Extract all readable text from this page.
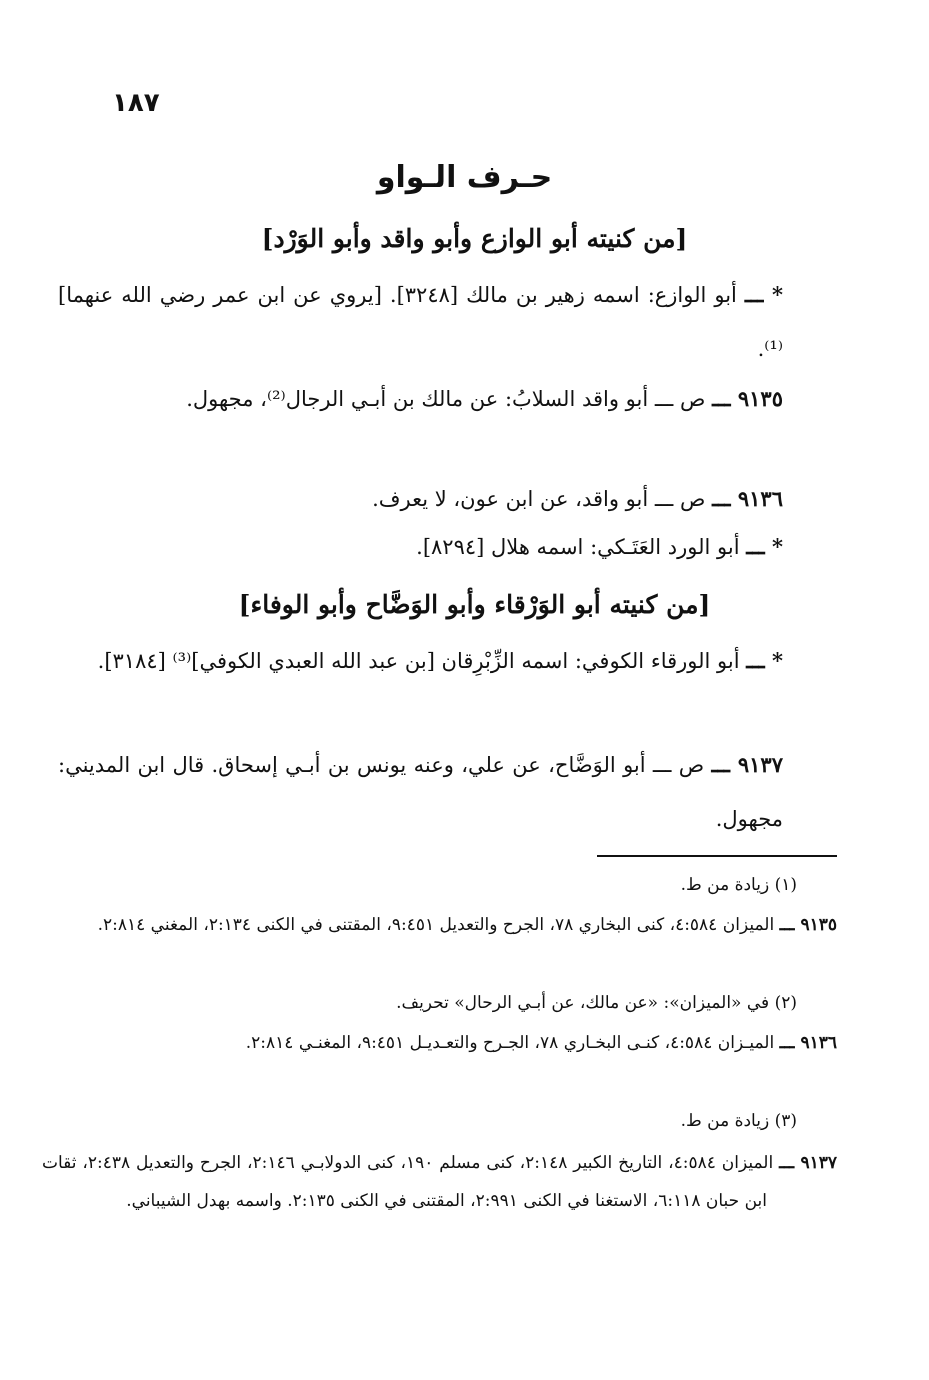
١٨٧
حـرف الـواو
[من كنيته أبو الوازع وأبو واقد وأبو الوَرْد]
* ـــ أبو الوازع: اسمه زهير بن مالك [٣٢٤٨]. [يروي عن ابن عمر رضي الله عنهما]⁽¹⁾.
٩١٣٥ ـــ ص ـــ أبو واقد السلابُ: عن مالك بن أبـي الرجال⁽²⁾، مجهول.
٩١٣٦ ـــ ص ـــ أبو واقد، عن ابن عون، لا يعرف.
* ـــ أبو الورد العَتَـكي: اسمه هلال [٨٢٩٤].
[من كنيته أبو الوَرْقاء وأبو الوَضَّاح وأبو الوفاء]
* ـــ أبو الورقاء الكوفي: اسمه الزِّبْرِقان [بن عبد الله العبدي الكوفي]⁽³⁾ [٣١٨٤].
٩١٣٧ ـــ ص ـــ أبو الوَضَّاح، عن علي، وعنه يونس بن أبـي إسحاق. قال ابن المديني: مجهول.
(١) زيادة من ط.
٩١٣٥ ـــ الميزان ٤:٥٨٤، كنى البخاري ٧٨، الجرح والتعديل ٩:٤٥١، المقتنى في الكنى ٢:١٣٤، المغني ٢:٨١٤.
(٢) في «الميزان»: «عن مالك، عن أبـي الرحال» تحريف.
٩١٣٦ ـــ الميـزان ٤:٥٨٤، كنـى البخـاري ٧٨، الجـرح والتعـديـل ٩:٤٥١، المغنـي ٢:٨١٤.
(٣) زيادة من ط.
٩١٣٧ ـــ الميزان ٤:٥٨٤، التاريخ الكبير ٢:١٤٨، كنى مسلم ١٩٠، كنى الدولابـي ٢:١٤٦، الجرح والتعديل ٢:٤٣٨، ثقات ابن حبان ٦:١١٨، الاستغنا في الكنى ٢:٩٩١، المقتنى في الكنى ٢:١٣٥. واسمه بهدل الشيباني.
